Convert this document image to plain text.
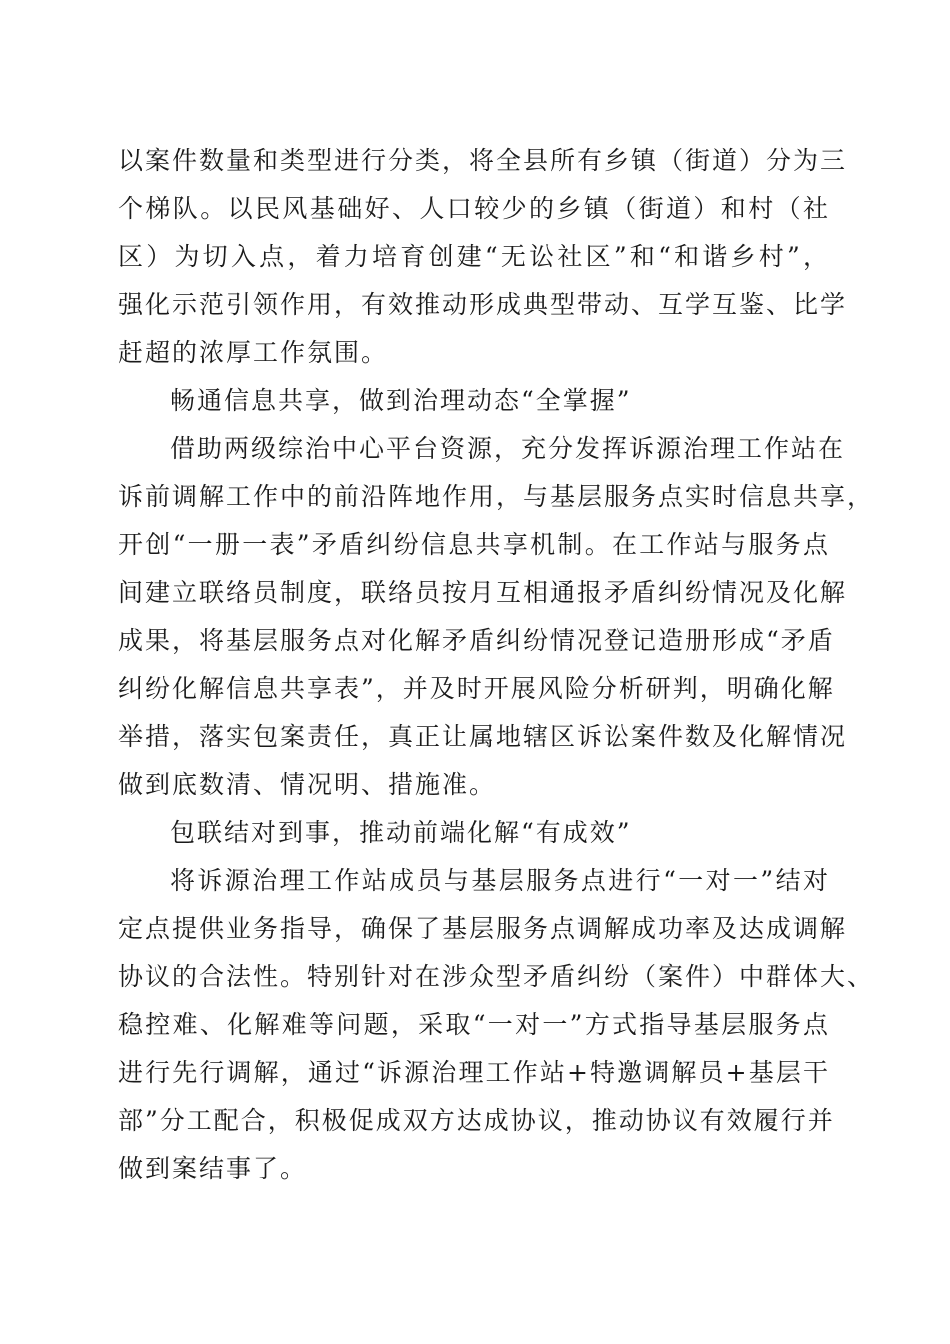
以案件数量和类型进行分类，将全县所有乡镇（街道）分为三
个梯队。以民风基础好、人口较少的乡镇（街道）和村（社
区）为切入点，着力培育创建“无讼社区”和“和谐乡村”，
强化示范引领作用，有效推动形成典型带动、互学互鉴、比学
赶超的浓厚工作氛围。
畅通信息共享，做到治理动态“全掌握”
借助两级综治中心平台资源，充分发挥诉源治理工作站在
诉前调解工作中的前沿阵地作用，与基层服务点实时信息共享，
开创“一册一表”矛盾纠纷信息共享机制。在工作站与服务点
间建立联络员制度，联络员按月互相通报矛盾纠纷情况及化解
成果，将基层服务点对化解矛盾纠纷情况登记造册形成“矛盾
纠纷化解信息共享表”，并及时开展风险分析研判，明确化解
举措，落实包案责任，真正让属地辖区诉讼案件数及化解情况
做到底数清、情况明、措施准。
包联结对到事，推动前端化解“有成效”
将诉源治理工作站成员与基层服务点进行“一对一”结对
定点提供业务指导，确保了基层服务点调解成功率及达成调解
协议的合法性。特别针对在涉众型矛盾纠纷（案件）中群体大、
稳控难、化解难等问题，采取“一对一”方式指导基层服务点
进行先行调解，通过“诉源治理工作站+特邀调解员+基层干
部”分工配合，积极促成双方达成协议，推动协议有效履行并
做到案结事了。
